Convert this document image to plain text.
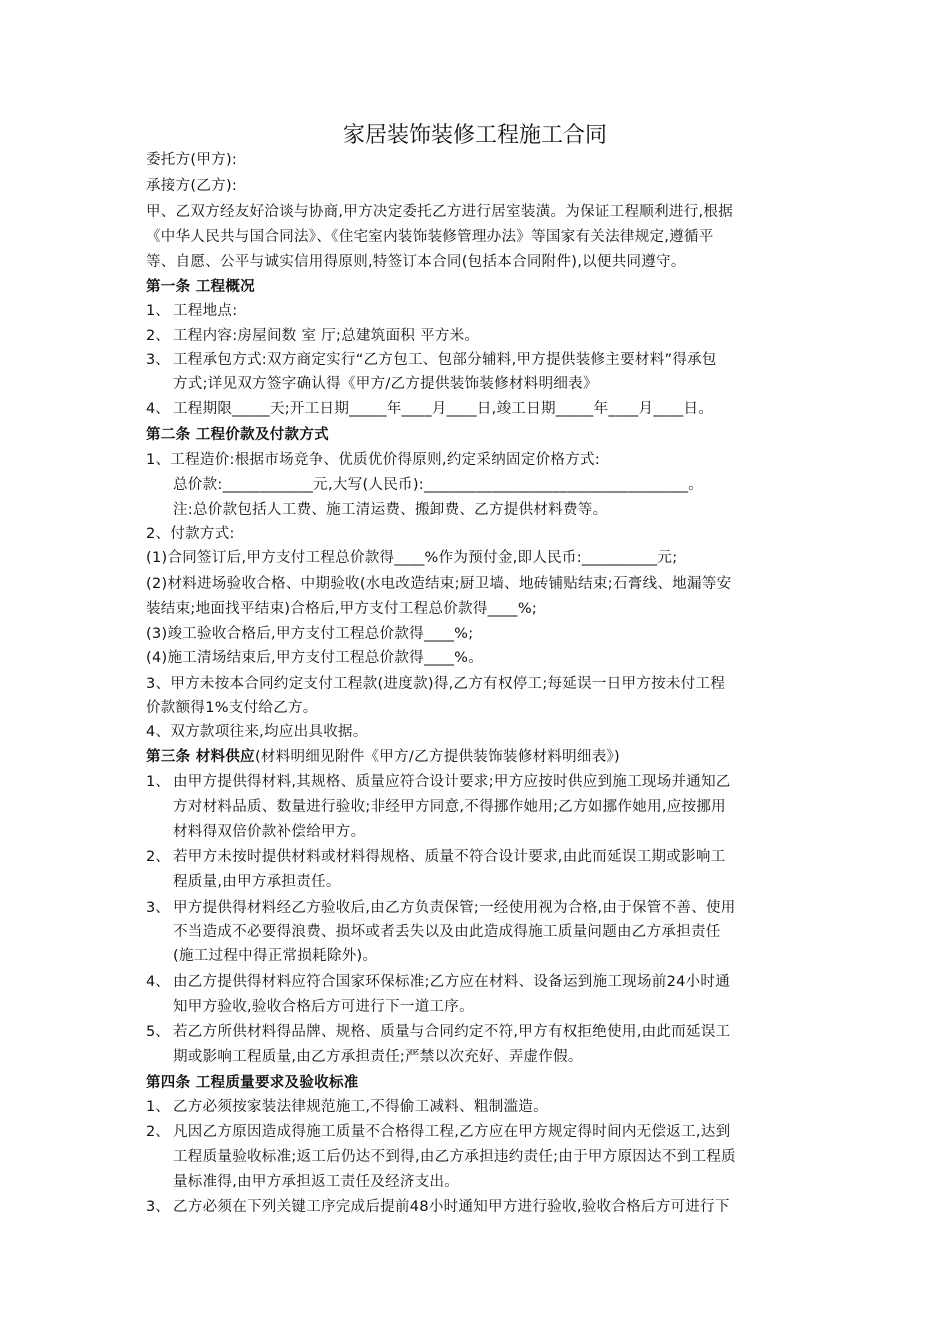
家居装饰装修工程施工合同
委托方(甲方):
承接方(乙方):
甲、乙双方经友好洽谈与协商,甲方决定委托乙方进行居室装潢。为保证工程顺利进行,根据
《中华人民共与国合同法》、《住宅室内装饰装修管理办法》等国家有关法律规定,遵循平
等、自愿、公平与诚实信用得原则,特签订本合同(包括本合同附件),以便共同遵守。
第一条 工程概况
1、 工程地点:
2、 工程内容:房屋间数 室 厅;总建筑面积 平方米。
3、 工程承包方式:双方商定实行“乙方包工、包部分辅料,甲方提供装修主要材料”得承包
方式;详见双方签字确认得《甲方/乙方提供装饰装修材料明细表》
4、 工程期限_____天;开工日期_____年____月____日,竣工日期_____年____月____日。
第二条 工程价款及付款方式
1、工程造价:根据市场竞争、优质优价得原则,约定采纳固定价格方式:
总价款:____________元,大写(人民币):___________________________________。
注:总价款包括人工费、施工清运费、搬卸费、乙方提供材料费等。
2、付款方式:
(1)合同签订后,甲方支付工程总价款得____%作为预付金,即人民币:__________元;
(2)材料进场验收合格、中期验收(水电改造结束;厨卫墙、地砖铺贴结束;石膏线、地漏等安
装结束;地面找平结束)合格后,甲方支付工程总价款得____%;
(3)竣工验收合格后,甲方支付工程总价款得____%;
(4)施工清场结束后,甲方支付工程总价款得____%。
3、甲方未按本合同约定支付工程款(进度款)得,乙方有权停工;每延误一日甲方按未付工程
价款额得1%支付给乙方。
4、双方款项往来,均应出具收据。
第三条 材料供应(材料明细见附件《甲方/乙方提供装饰装修材料明细表》)
1、 由甲方提供得材料,其规格、质量应符合设计要求;甲方应按时供应到施工现场并通知乙
方对材料品质、数量进行验收;非经甲方同意,不得挪作她用;乙方如挪作她用,应按挪用
材料得双倍价款补偿给甲方。
2、 若甲方未按时提供材料或材料得规格、质量不符合设计要求,由此而延误工期或影响工
程质量,由甲方承担责任。
3、 甲方提供得材料经乙方验收后,由乙方负责保管;一经使用视为合格,由于保管不善、使用
不当造成不必要得浪费、损坏或者丢失以及由此造成得施工质量问题由乙方承担责任
(施工过程中得正常损耗除外)。
4、 由乙方提供得材料应符合国家环保标准;乙方应在材料、设备运到施工现场前24小时通
知甲方验收,验收合格后方可进行下一道工序。
5、 若乙方所供材料得品牌、规格、质量与合同约定不符,甲方有权拒绝使用,由此而延误工
期或影响工程质量,由乙方承担责任;严禁以次充好、弄虚作假。
第四条 工程质量要求及验收标准
1、 乙方必须按家装法律规范施工,不得偷工减料、粗制滥造。
2、 凡因乙方原因造成得施工质量不合格得工程,乙方应在甲方规定得时间内无偿返工,达到
工程质量验收标准;返工后仍达不到得,由乙方承担违约责任;由于甲方原因达不到工程质
量标准得,由甲方承担返工责任及经济支出。
3、 乙方必须在下列关键工序完成后提前48小时通知甲方进行验收,验收合格后方可进行下
